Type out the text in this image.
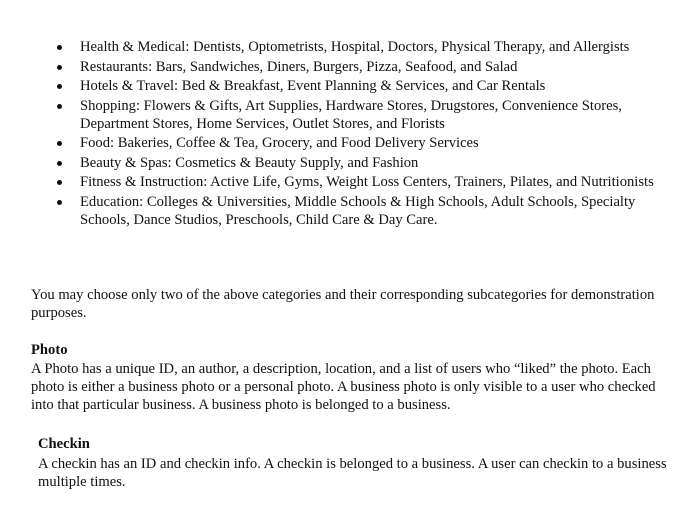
Health & Medical: Dentists, Optometrists, Hospital, Doctors, Physical Therapy, and Allergists
Restaurants: Bars, Sandwiches, Diners, Burgers, Pizza, Seafood, and Salad
Hotels & Travel: Bed & Breakfast, Event Planning & Services, and Car Rentals
Shopping: Flowers & Gifts, Art Supplies, Hardware Stores, Drugstores, Convenience Stores, Department Stores, Home Services, Outlet Stores, and Florists
Food: Bakeries, Coffee & Tea, Grocery, and Food Delivery Services
Beauty & Spas: Cosmetics & Beauty Supply, and Fashion
Fitness & Instruction: Active Life, Gyms, Weight Loss Centers, Trainers, Pilates, and Nutritionists
Education: Colleges & Universities, Middle Schools & High Schools, Adult Schools, Specialty Schools, Dance Studios, Preschools, Child Care & Day Care.

You may choose only two of the above categories and their corresponding subcategories for demonstration purposes.

Photo

A Photo has a unique ID, an author, a description, location, and a list of users who “liked” the photo. Each photo is either a business photo or a personal photo. A business photo is only visible to a user who checked into that particular business. A business photo is belonged to a business.

Checkin

A checkin has an ID and checkin info. A checkin is belonged to a business. A user can checkin to a business multiple times.
